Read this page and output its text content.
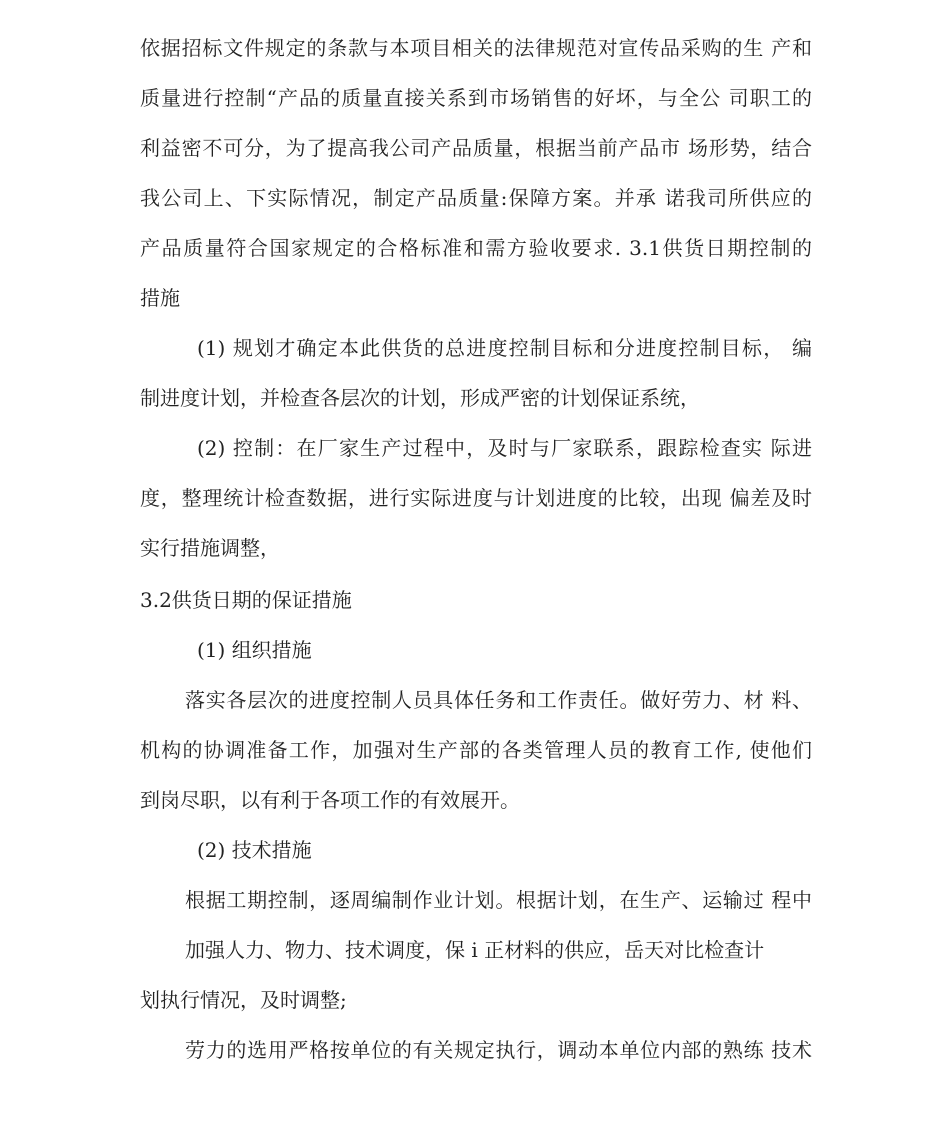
依据招标文件规定的条款与本项目相关的法律规范对宣传品采购的生 产和

质量进行控制“产品的质量直接关系到市场销售的好坏，与全公 司职工的

利益密不可分，为了提高我公司产品质量，根据当前产品市 场形势，结合

我公司上、下实际情况，制定产品质量:保障方案。并承 诺我司所供应的

产品质量符合国家规定的合格标准和需方验收要求. 3.1供货日期控制的

措施

(1) 规划才确定本此供货的总进度控制目标和分进度控制目标， 编

制进度计划，并检查各层次的计划，形成严密的计划保证系统，

(2) 控制：在厂家生产过程中，及时与厂家联系，跟踪检查实 际进

度，整理统计检查数据，进行实际进度与计划进度的比较，出现 偏差及时

实行措施调整，

3.2供货日期的保证措施

(1) 组织措施

落实各层次的进度控制人员具体任务和工作责任。做好劳力、材 料、

机构的协调准备工作，加强对生产部的各类管理人员的教育工作, 使他们

到岗尽职，以有利于各项工作的有效展开。

(2) 技术措施

根据工期控制，逐周编制作业计划。根据计划，在生产、运输过 程中

加强人力、物力、技术调度，保 i 正材料的供应，岳天对比检查计

划执行情况，及时调整;

劳力的选用严格按单位的有关规定执行，调动本单位内部的熟练 技术
